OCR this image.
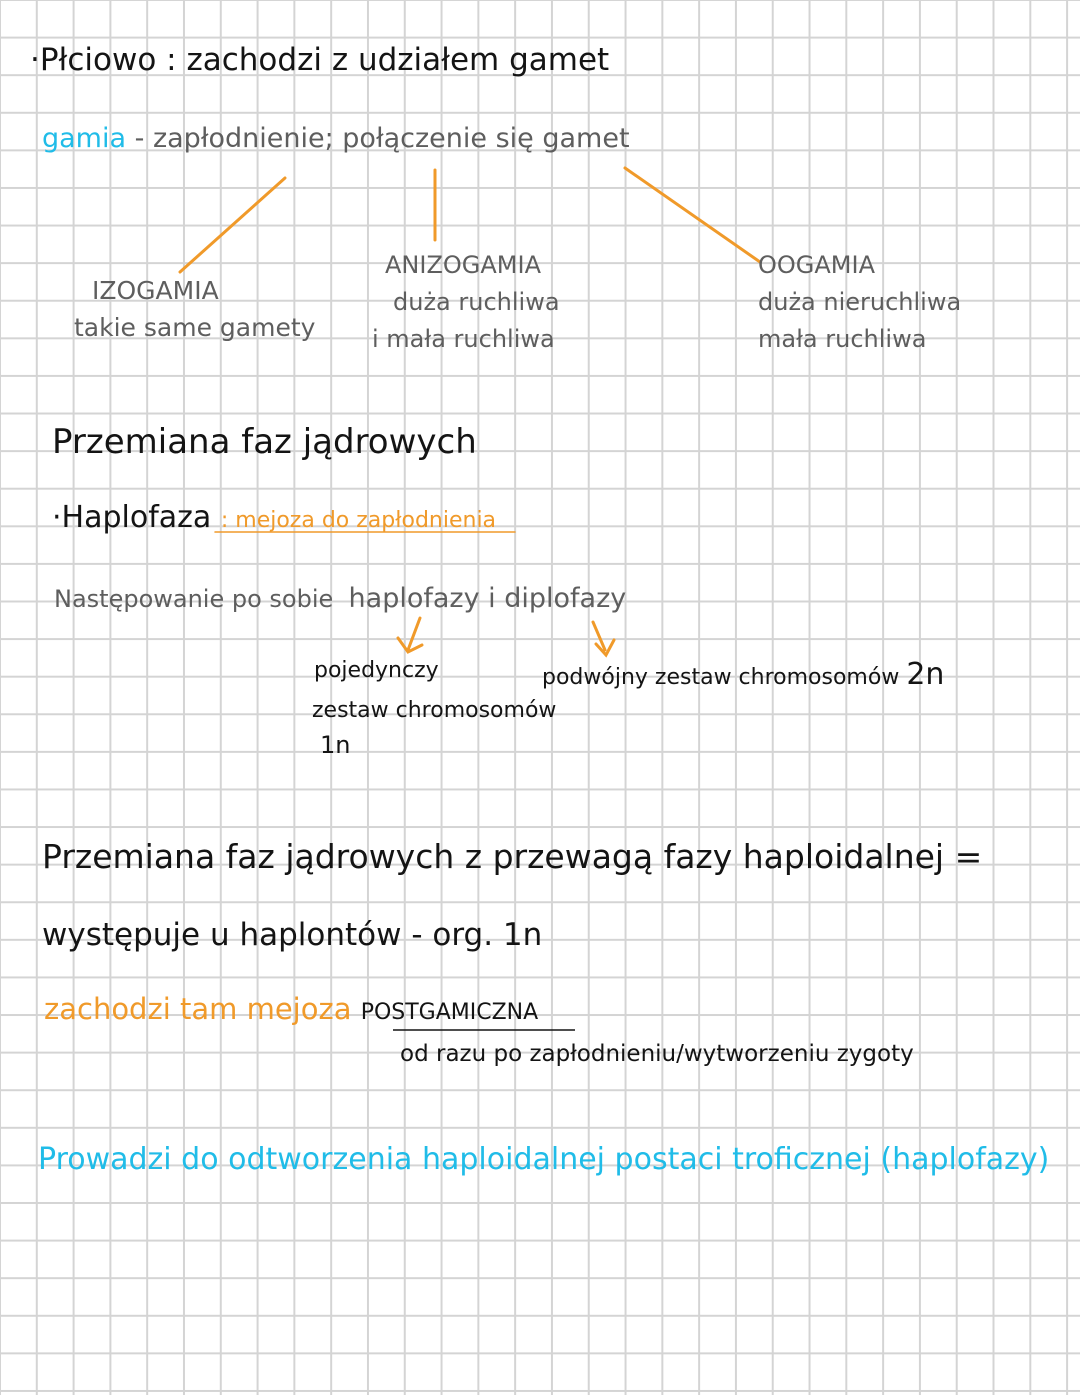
·Płciowo : zachodzi z udziałem gamet
gamia - zapłodnienie; połączenie się gamet
IZOGAMIA
takie same gamety
ANIZOGAMIA
duża ruchliwa
i mała ruchliwa
OOGAMIA
duża nieruchliwa
mała ruchliwa
Przemiana faz jądrowych
·Haplofaza : mejoza do zapłodnienia
Następowanie po sobie haplofazy i diplofazy
pojedynczy
zestaw chromosomów
1n
podwójny zestaw chromosomów 2n
Przemiana faz jądrowych z przewagą fazy haploidalnej =
występuje u haplontów - org. 1n
zachodzi tam mejoza POSTGAMICZNA
od razu po zapłodnieniu/wytworzeniu zygoty
Prowadzi do odtworzenia haploidalnej postaci troficznej (haplofazy)
